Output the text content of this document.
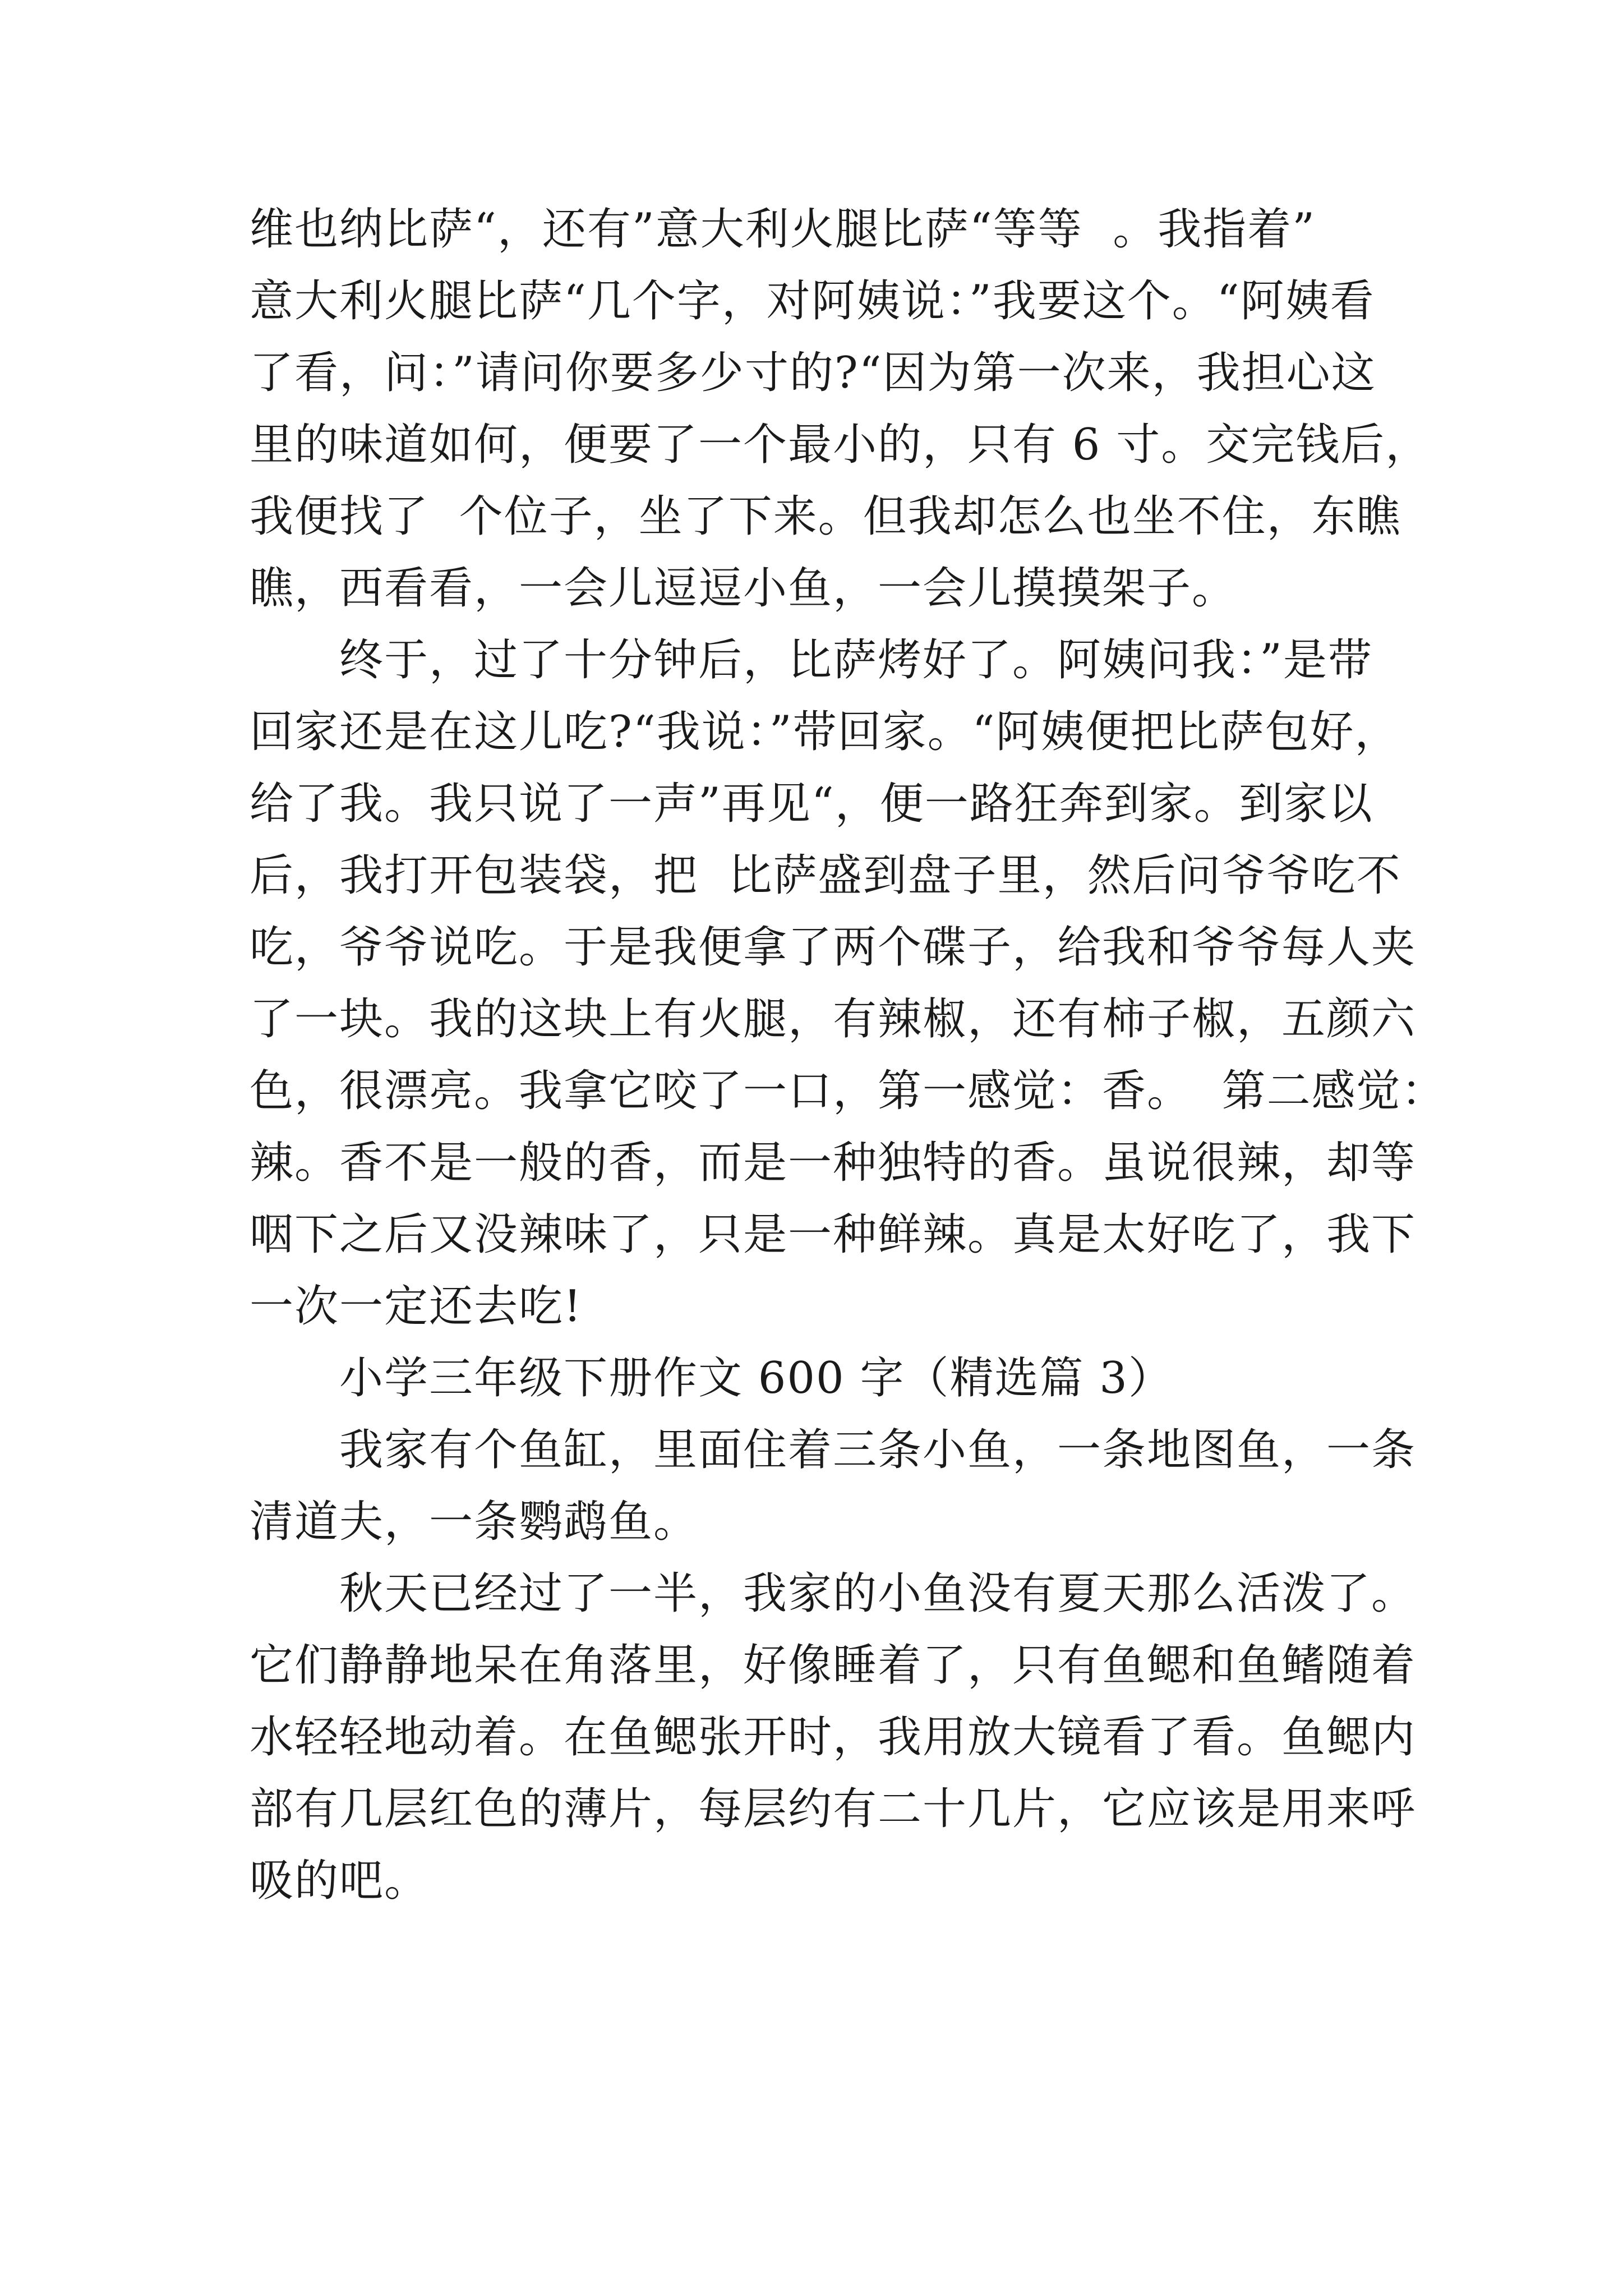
维也纳比萨“，还有”意大利火腿比萨“等等  。我指着”
意大利火腿比萨“几个字，对阿姨说：”我要这个。“阿姨看
了看，问：”请问你要多少寸的?“因为第一次来，我担心这
里的味道如何，便要了一个最小的，只有 6 寸。交完钱后，
我便找了  个位子，坐了下来。但我却怎么也坐不住，东瞧
瞧，西看看，一会儿逗逗小鱼，一会儿摸摸架子。
终于，过了十分钟后，比萨烤好了。阿姨问我：”是带
回家还是在这儿吃?“我说：”带回家。“阿姨便把比萨包好，
给了我。我只说了一声”再见“，便一路狂奔到家。到家以
后，我打开包装袋，把  比萨盛到盘子里，然后问爷爷吃不
吃，爷爷说吃。于是我便拿了两个碟子，给我和爷爷每人夹
了一块。我的这块上有火腿，有辣椒，还有柿子椒，五颜六
色，很漂亮。我拿它咬了一口，第一感觉：香。  第二感觉：
辣。香不是一般的香，而是一种独特的香。虽说很辣，却等
咽下之后又没辣味了，只是一种鲜辣。真是太好吃了，我下
一次一定还去吃!
小学三年级下册作文 600 字（精选篇 3）
我家有个鱼缸，里面住着三条小鱼，一条地图鱼，一条
清道夫，一条鹦鹉鱼。
秋天已经过了一半，我家的小鱼没有夏天那么活泼了。
它们静静地呆在角落里，好像睡着了，只有鱼鳃和鱼鳍随着
水轻轻地动着。在鱼鳃张开时，我用放大镜看了看。鱼鳃内
部有几层红色的薄片，每层约有二十几片，它应该是用来呼
吸的吧。
